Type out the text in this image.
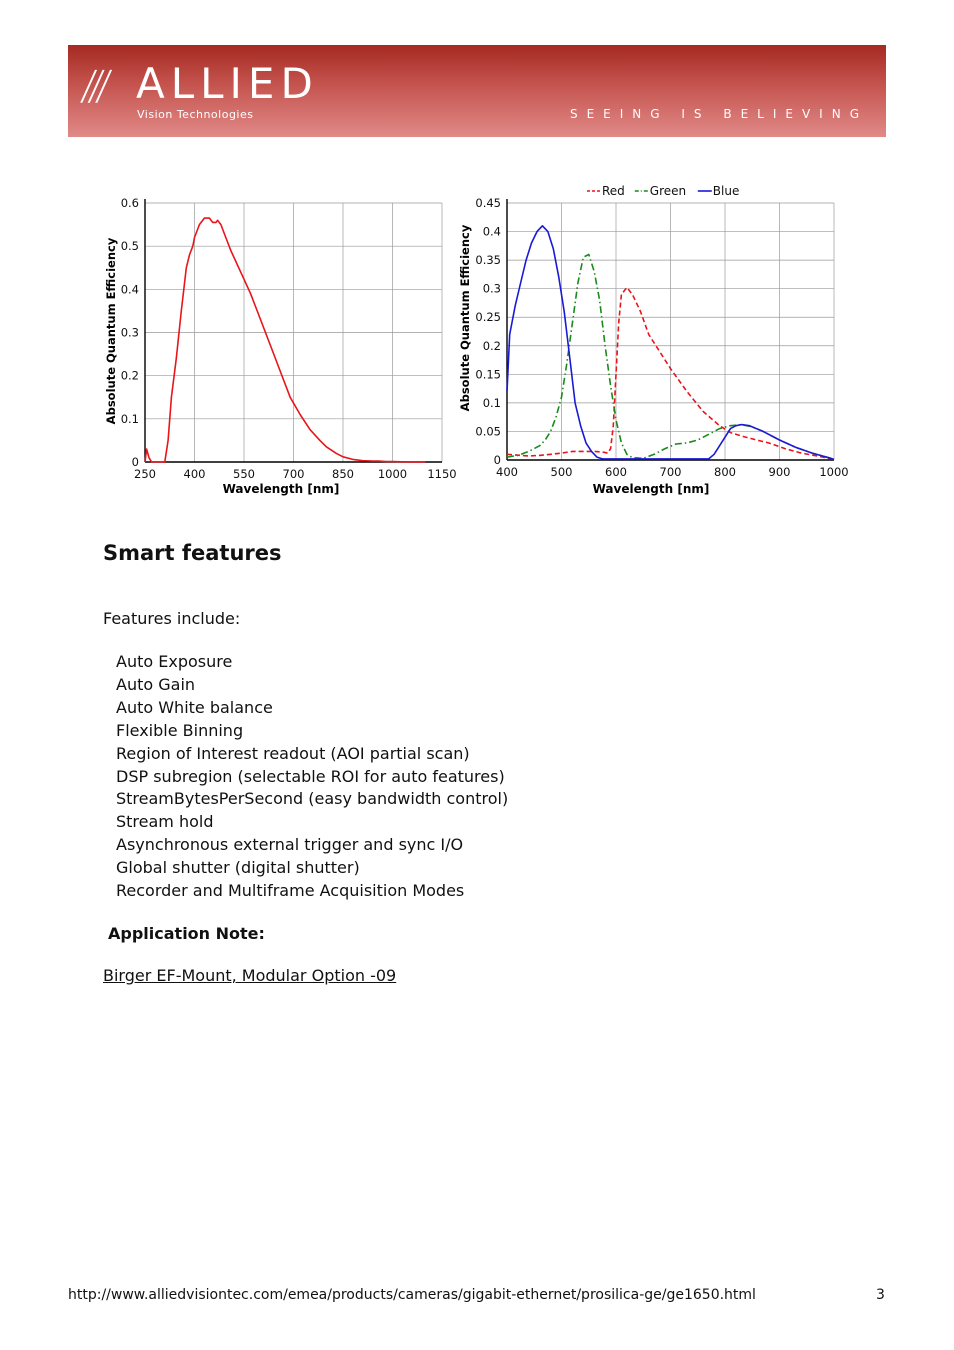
/// ALLIED
Vision Technologies	SEEING IS BELIEVING
250 400 550 700 850 1000 1150
0
0.1
0.2
0.3
0.4
0.5
0.6
Wavelength [nm]
Absolute Quantum Efficiency
400	500	600	700	800	900	1000
0
0.05
0.1
0.15
0.2
0.25
0.3
0.35
0.4
0.45
Red Green Blue
Wavelength [nm]
Absolute Quantum Efficiency
Smart features
Features include:
Auto Exposure
Auto Gain
Auto White balance
Flexible Binning
Region of Interest readout (AOI partial scan)
DSP subregion (selectable ROI for auto features)
StreamBytesPerSecond (easy bandwidth control)
Stream hold
Asynchronous external trigger and sync I/O
Global shutter (digital shutter)
Recorder and Multiframe Acquisition Modes
Application Note:
Birger EF-Mount, Modular Option -09
http://www.alliedvisiontec.com/emea/products/cameras/gigabit-ethernet/prosilica-ge/ge1650.html	3
